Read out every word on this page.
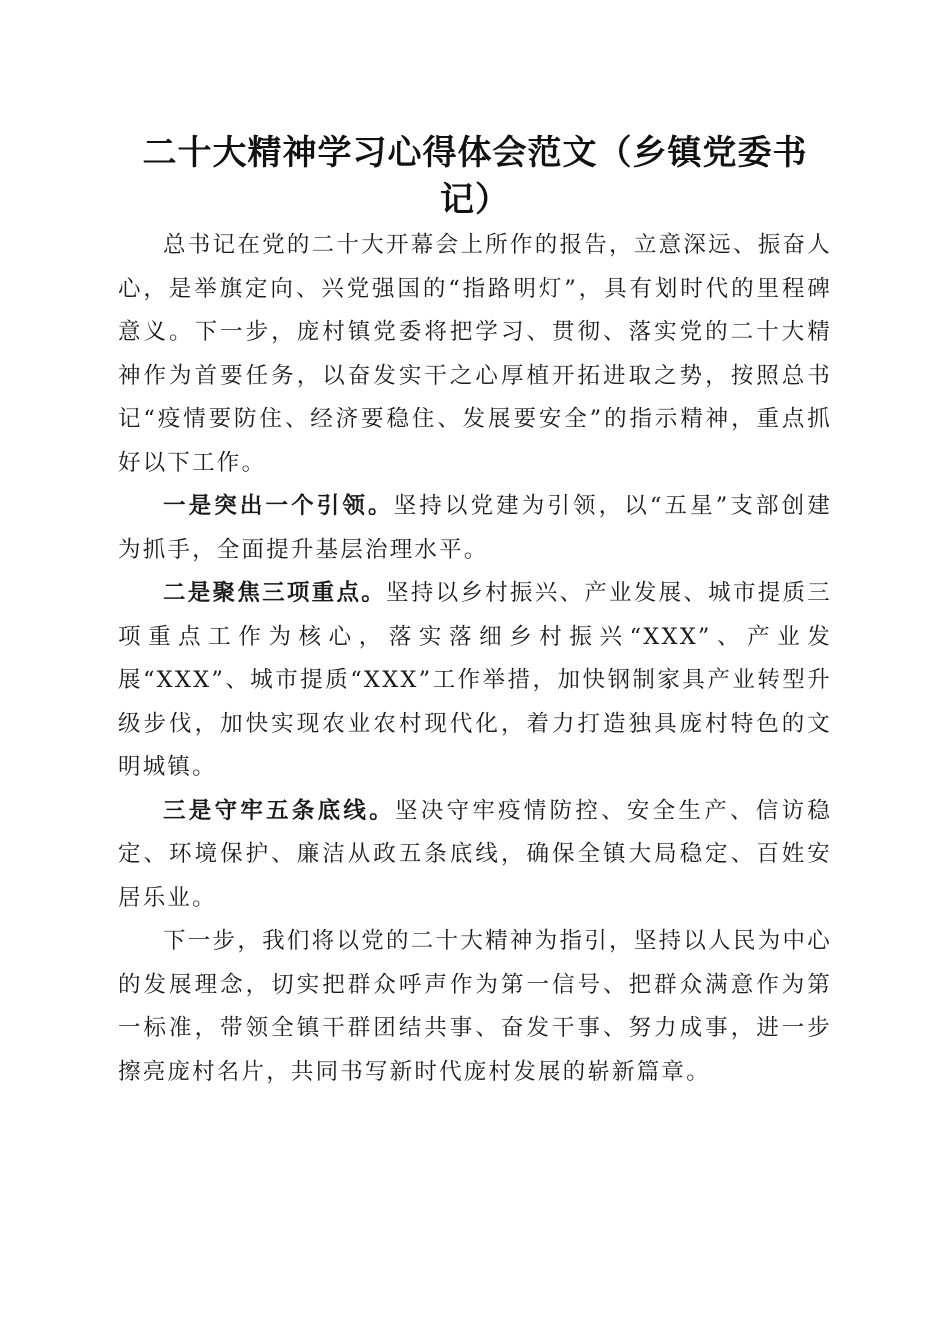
二十大精神学习心得体会范文（乡镇党委书记）

总书记在党的二十大开幕会上所作的报告，立意深远、振奋人心，是举旗定向、兴党强国的“指路明灯”，具有划时代的里程碑意义。下一步，庞村镇党委将把学习、贯彻、落实党的二十大精神作为首要任务，以奋发实干之心厚植开拓进取之势，按照总书记“疫情要防住、经济要稳住、发展要安全”的指示精神，重点抓好以下工作。

一是突出一个引领。坚持以党建为引领，以“五星”支部创建为抓手，全面提升基层治理水平。

二是聚焦三项重点。坚持以乡村振兴、产业发展、城市提质三项重点工作为核心，落实落细乡村振兴“XXX”、产业发展“XXX”、城市提质“XXX”工作举措，加快钢制家具产业转型升级步伐，加快实现农业农村现代化，着力打造独具庞村特色的文明城镇。

三是守牢五条底线。坚决守牢疫情防控、安全生产、信访稳定、环境保护、廉洁从政五条底线，确保全镇大局稳定、百姓安居乐业。

下一步，我们将以党的二十大精神为指引，坚持以人民为中心的发展理念，切实把群众呼声作为第一信号、把群众满意作为第一标准，带领全镇干群团结共事、奋发干事、努力成事，进一步擦亮庞村名片，共同书写新时代庞村发展的崭新篇章。
